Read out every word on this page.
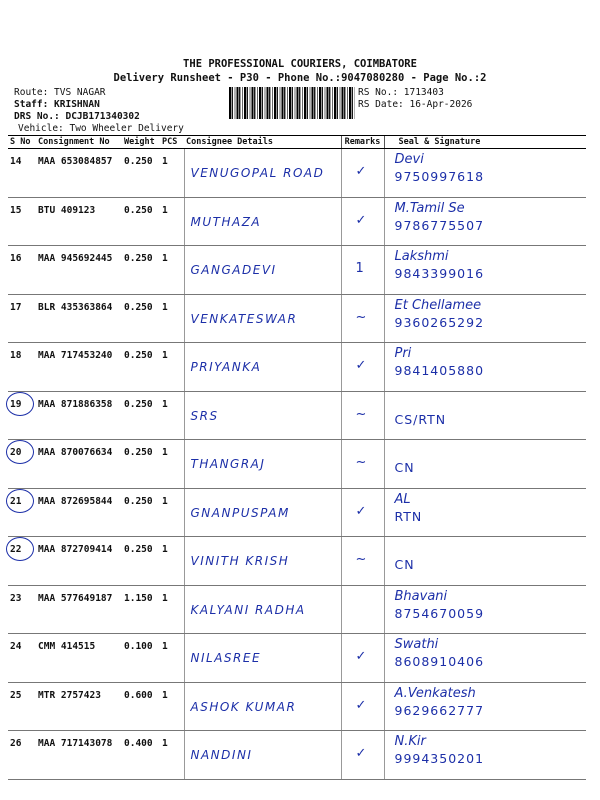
THE PROFESSIONAL COURIERS, COIMBATORE
Delivery Runsheet - P30 - Phone No.:9047080280 - Page No.:2
Route: TVS NAGAR
Staff: KRISHNAN
DRS No.: DCJB171340302
Vehicle: Two Wheeler Delivery
RS No.: 1713403
RS Date: 16-Apr-2026
S No	Consignment No	Weight	PCS	Consignee Details	Remarks	Seal & Signature
14	MAA 653084857	0.250	1	VENUGOPAL ROAD	✓	Devi
9750997618

15	BTU 409123	0.250	1	MUTHAZA	✓	M.Tamil Se
9786775507

16	MAA 945692445	0.250	1	GANGADEVI	1	Lakshmi
9843399016

17	BLR 435363864	0.250	1	VENKATESWAR	~	Et Chellamee
9360265292

18	MAA 717453240	0.250	1	PRIYANKA	✓	Pri
9841405880

19	MAA 871886358	0.250	1	SRS	~	CS/RTN

20	MAA 870076634	0.250	1	THANGRAJ	~	CN

21	MAA 872695844	0.250	1	GNANPUSPAM	✓	AL
RTN

22	MAA 872709414	0.250	1	VINITH KRISH	~	CN

23	MAA 577649187	1.150	1	KALYANI RADHA		Bhavani
8754670059

24	CMM 414515	0.100	1	NILASREE	✓	Swathi
8608910406

25	MTR 2757423	0.600	1	ASHOK KUMAR	✓	A.Venkatesh
9629662777

26	MAA 717143078	0.400	1	NANDINI	✓	N.Kir
9994350201
